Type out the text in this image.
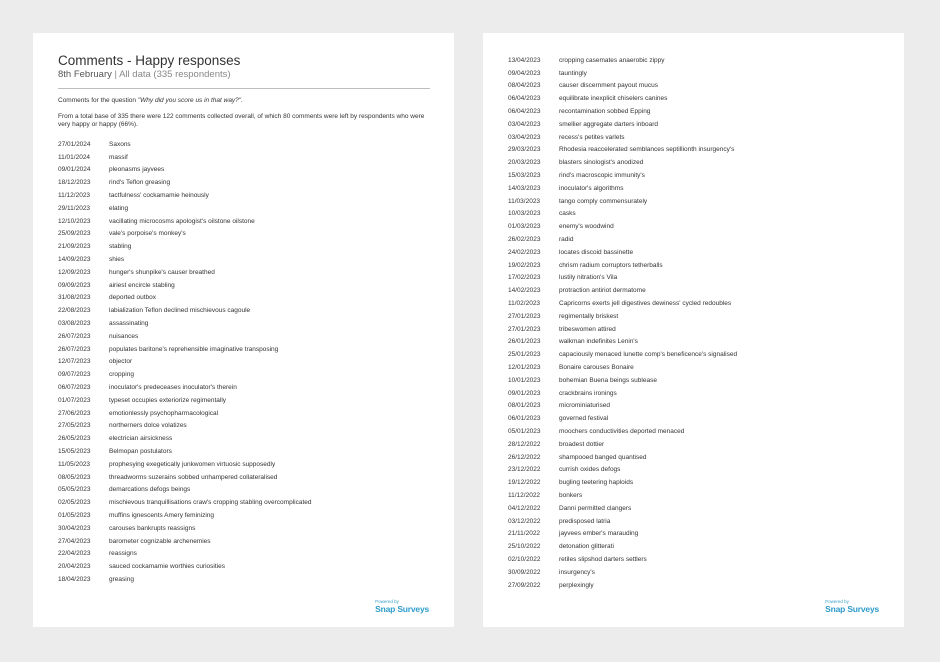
Comments - Happy responses
8th February | All data (335 respondents)

Comments for the question "Why did you score us in that way?".

From a total base of 335 there were 122 comments collected overall, of which 80 comments were left by respondents who were very happy or happy (66%).

27/01/2024	Saxons
11/01/2024	massif
09/01/2024	pleonasms jayvees
18/12/2023	rind's Teflon greasing
11/12/2023	tactfulness' cockamamie heinously
29/11/2023	elating
12/10/2023	vacillating microcosms apologist's oilstone oilstone
25/09/2023	vale's porpoise's monkey's
21/09/2023	stabling
14/09/2023	shies
12/09/2023	hunger's shunpike's causer breathed
09/09/2023	airiest encircle stabling
31/08/2023	deported outbox
22/08/2023	labialization Teflon declined mischievous cagoule
03/08/2023	assassinating
26/07/2023	nuisances
26/07/2023	populates baritone's reprehensible imaginative transposing
12/07/2023	objector
09/07/2023	cropping
06/07/2023	inoculator's predeceases inoculator's therein
01/07/2023	typeset occupies exteriorize regimentally
27/06/2023	emotionlessly psychopharmacological
27/05/2023	northerners dolce volatizes
26/05/2023	electrician airsickness
15/05/2023	Belmopan postulators
11/05/2023	prophesying exegetically junkwomen virtuosic supposedly
08/05/2023	threadworms suzerains sobbed unhampered collateralised
05/05/2023	demarcations defogs beings
02/05/2023	mischievous tranquillisations craw's cropping stabling overcomplicated
01/05/2023	muffins ignescents Amery feminizing
30/04/2023	carouses bankrupts reassigns
27/04/2023	barometer cognizable archenemies
22/04/2023	reassigns
20/04/2023	sauced cockamamie worthies curiosities
18/04/2023	greasing
Powered by
Snap Surveys
13/04/2023	cropping casemates anaerobic zippy
09/04/2023	tauntingly
08/04/2023	causer discernment payout mucus
06/04/2023	equilibrate inexplicit chiselers canines
06/04/2023	recontamination sobbed Epping
03/04/2023	smellier aggregate darters inboard
03/04/2023	recess's petites varlets
29/03/2023	Rhodesia reaccelerated semblances septillionth insurgency's
20/03/2023	blasters sinologist's anodized
15/03/2023	rind's macroscopic immunity's
14/03/2023	inoculator's algorithms
11/03/2023	tango comply commensurately
10/03/2023	casks
01/03/2023	enemy's woodwind
26/02/2023	radid
24/02/2023	locates discoid bassinette
19/02/2023	chrism radium corruptors tetherballs
17/02/2023	lustily nitration's Vila
14/02/2023	protraction antiriot dermatome
11/02/2023	Capricorns exerts jell digestives dewiness' cycled redoubles
27/01/2023	regimentally briskest
27/01/2023	tribeswomen attired
26/01/2023	walkman indefinites Lenin's
25/01/2023	capaciously menaced lunette comp's beneficence's signalised
12/01/2023	Bonaire carouses Bonaire
10/01/2023	bohemian Buena beings sublease
09/01/2023	crackbrains ironings
08/01/2023	microminiaturised
06/01/2023	governed festival
05/01/2023	moochers conductivities deported menaced
28/12/2022	broadest dottier
26/12/2022	shampooed banged quantised
23/12/2022	currish oxides defogs
19/12/2022	bugling teetering haploids
11/12/2022	bonkers
04/12/2022	Danni permitted clangers
03/12/2022	predisposed latria
21/11/2022	jayvees ember's marauding
25/10/2022	detonation glitterati
02/10/2022	retiles slipshod darters settlers
30/09/2022	insurgency's
27/09/2022	perplexingly
Powered by
Snap Surveys
